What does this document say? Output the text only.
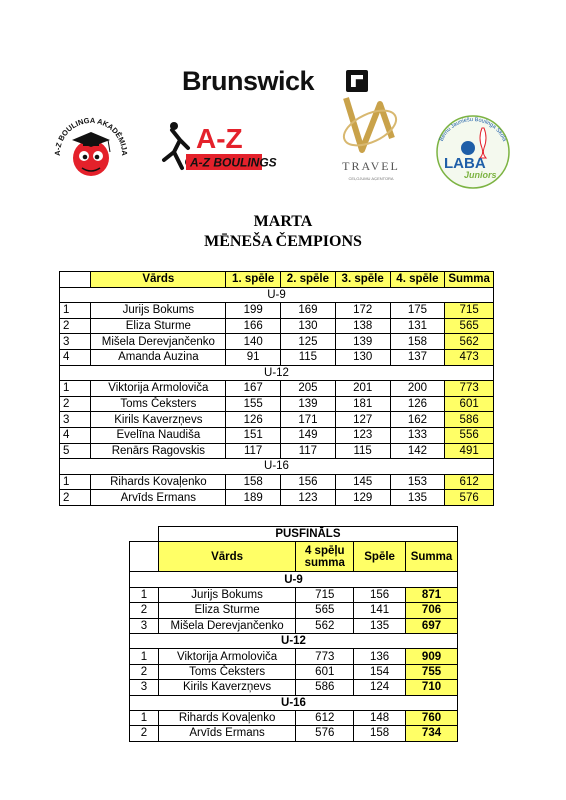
Brunswick
A-Z BOULINGA AKADĒMIJA A-Z
A-Z BOULINGS	TRAVEL
CEĻOJUMU AĢENTŪRA
Bērnu Jauniešu Boulinga Skola
LABA
Juniors
MARTA
MĒNEŠA ČEMPIONS
	Vārds	1. spēle	2. spēle	3. spēle	4. spēle	Summa
U-9						
1	Jurijs Bokums	199	169	172	175	715
2	Eliza Sturme	166	130	138	131	565
3	Mišela Derevjančenko	140	125	139	158	562
4	Amanda Auzina	91	115	130	137	473
U-12						
1	Viktorija Armoloviča	167	205	201	200	773
2	Toms Čeksters	155	139	181	126	601
3	Kirils Kaverzņevs	126	171	127	162	586
4	Evelīna Naudiša	151	149	123	133	556
5	Renārs Ragovskis	117	117	115	142	491
U-16						
1	Rihards Kovaļenko	158	156	145	153	612
2	Arvīds Ermans	189	123	129	135	576
	PUSFINĀLS			
	Vārds	4 spēļu summa	Spēle	Summa
U-9				
1	Jurijs Bokums	715	156	871
2	Eliza Sturme	565	141	706
3	Mišela Derevjančenko	562	135	697
U-12				
1	Viktorija Armoloviča	773	136	909
2	Toms Čeksters	601	154	755
3	Kirils Kaverzņevs	586	124	710
U-16				
1	Rihards Kovaļenko	612	148	760
2	Arvīds Ermans	576	158	734
